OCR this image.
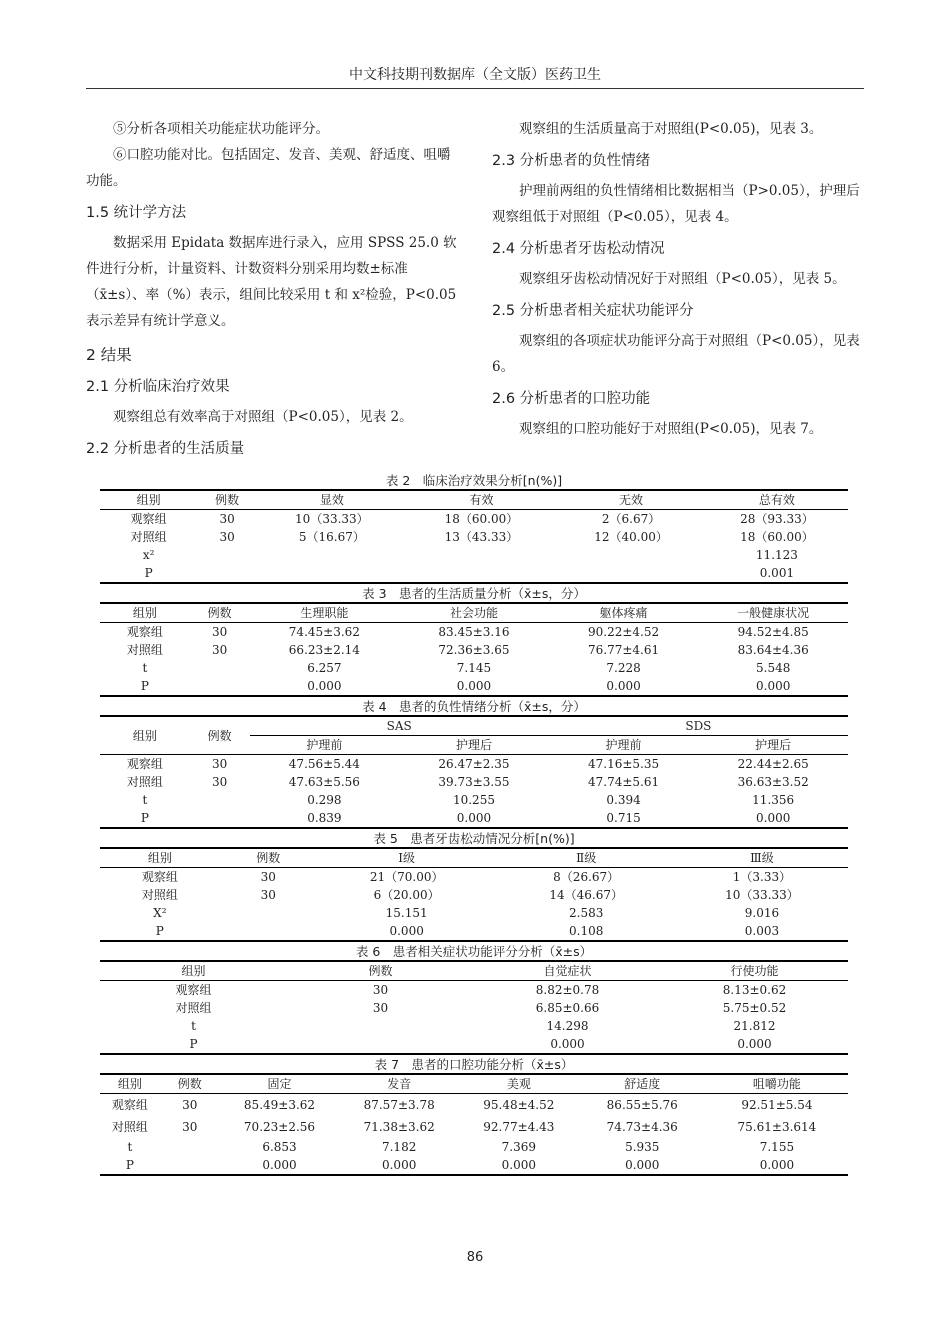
中文科技期刊数据库（全文版）医药卫生

⑤分析各项相关功能症状功能评分。

⑥口腔功能对比。包括固定、发音、美观、舒适度、咀嚼功能。

1.5 统计学方法

数据采用 Epidata 数据库进行录入，应用 SPSS 25.0 软件进行分析，计量资料、计数资料分别采用均数±标准（x̄±s）、率（%）表示，组间比较采用 t 和 x²检验，P<0.05 表示差异有统计学意义。

2 结果
2.1 分析临床治疗效果

观察组总有效率高于对照组（P<0.05），见表 2。

2.2 分析患者的生活质量

观察组的生活质量高于对照组(P<0.05)，见表 3。

2.3 分析患者的负性情绪

护理前两组的负性情绪相比数据相当（P>0.05），护理后观察组低于对照组（P<0.05），见表 4。

2.4 分析患者牙齿松动情况

观察组牙齿松动情况好于对照组（P<0.05），见表 5。

2.5 分析患者相关症状功能评分

观察组的各项症状功能评分高于对照组（P<0.05），见表 6。

2.6 分析患者的口腔功能

观察组的口腔功能好于对照组(P<0.05)，见表 7。

表 2　临床治疗效果分析[n(%)]
组别	例数	显效	有效	无效	总有效
观察组	30	10（33.33）	18（60.00）	2（6.67）	28（93.33）
对照组	30	5（16.67）	13（43.33）	12（40.00）	18（60.00）
x²					11.123
P					0.001
表 3　患者的生活质量分析（x̄±s，分）
组别	例数	生理职能	社会功能	躯体疼痛	一般健康状况
观察组	30	74.45±3.62	83.45±3.16	90.22±4.52	94.52±4.85
对照组	30	66.23±2.14	72.36±3.65	76.77±4.61	83.64±4.36
t		6.257	7.145	7.228	5.548
P		0.000	0.000	0.000	0.000
表 4　患者的负性情绪分析（x̄±s，分）
组别	例数	SAS		SDS	
		护理前	护理后	护理前	护理后
观察组	30	47.56±5.44	26.47±2.35	47.16±5.35	22.44±2.65
对照组	30	47.63±5.56	39.73±3.55	47.74±5.61	36.63±3.52
t		0.298	10.255	0.394	11.356
P		0.839	0.000	0.715	0.000
表 5　患者牙齿松动情况分析[n(%)]
组别	例数	Ⅰ级	Ⅱ级	Ⅲ级
观察组	30	21（70.00）	8（26.67）	1（3.33）
对照组	30	6（20.00）	14（46.67）	10（33.33）
X²		15.151	2.583	9.016
P		0.000	0.108	0.003
表 6　患者相关症状功能评分分析（x̄±s）
组别	例数	自觉症状	行使功能
观察组	30	8.82±0.78	8.13±0.62
对照组	30	6.85±0.66	5.75±0.52
t		14.298	21.812
P		0.000	0.000
表 7　患者的口腔功能分析（x̄±s）
组别	例数	固定	发音	美观	舒适度	咀嚼功能
观察组	30	85.49±3.62	87.57±3.78	95.48±4.52	86.55±5.76	92.51±5.54
对照组	30	70.23±2.56	71.38±3.62	92.77±4.43	74.73±4.36	75.61±3.614
t		6.853	7.182	7.369	5.935	7.155
P		0.000	0.000	0.000	0.000	0.000
86
